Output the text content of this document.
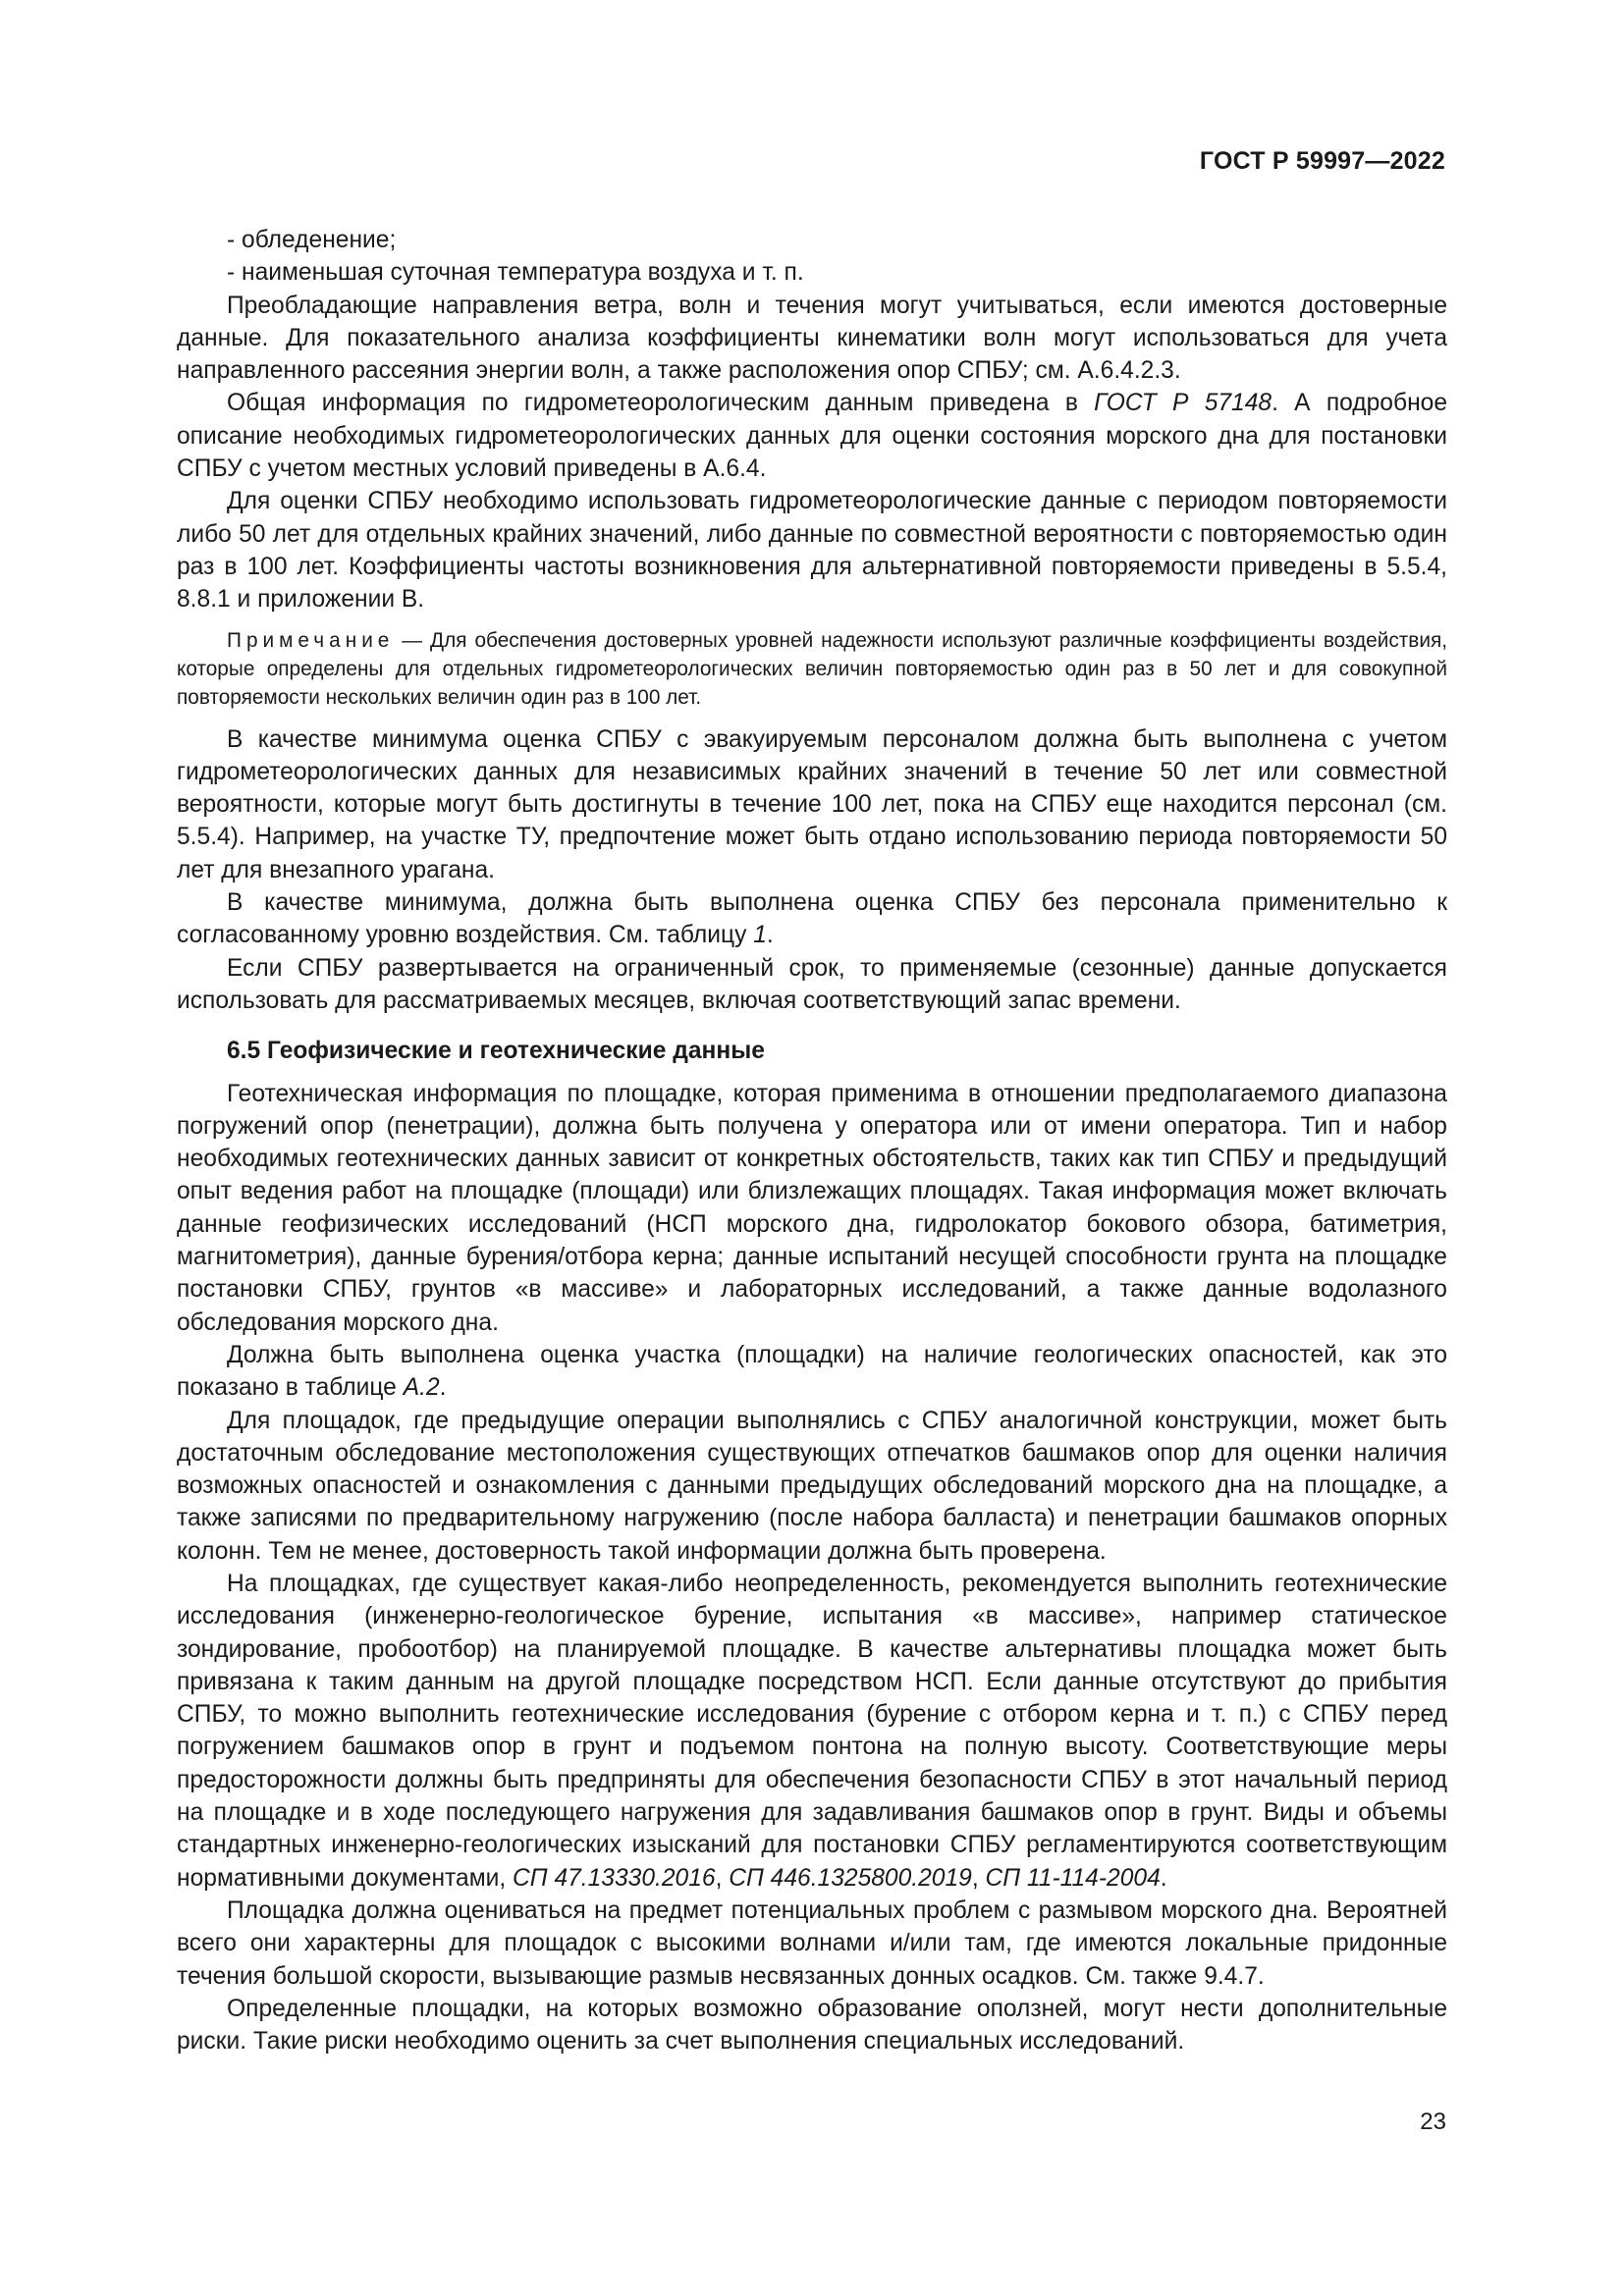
ГОСТ Р 59997—2022

- обледенение;

- наименьшая суточная температура воздуха и т. п.

Преобладающие направления ветра, волн и течения могут учитываться, если имеются достоверные данные. Для показательного анализа коэффициенты кинематики волн могут использоваться для учета направленного рассеяния энергии волн, а также расположения опор СПБУ; см. А.6.4.2.3.

Общая информация по гидрометеорологическим данным приведена в ГОСТ Р 57148. А подробное описание необходимых гидрометеорологических данных для оценки состояния морского дна для постановки СПБУ с учетом местных условий приведены в А.6.4.

Для оценки СПБУ необходимо использовать гидрометеорологические данные с периодом повторяемости либо 50 лет для отдельных крайних значений, либо данные по совместной вероятности с повторяемостью один раз в 100 лет. Коэффициенты частоты возникновения для альтернативной повторяемости приведены в 5.5.4, 8.8.1 и приложении В.

Примечание — Для обеспечения достоверных уровней надежности используют различные коэффициенты воздействия, которые определены для отдельных гидрометеорологических величин повторяемостью один раз в 50 лет и для совокупной повторяемости нескольких величин один раз в 100 лет.

В качестве минимума оценка СПБУ с эвакуируемым персоналом должна быть выполнена с учетом гидрометеорологических данных для независимых крайних значений в течение 50 лет или совместной вероятности, которые могут быть достигнуты в течение 100 лет, пока на СПБУ еще находится персонал (см. 5.5.4). Например, на участке ТУ, предпочтение может быть отдано использованию периода повторяемости 50 лет для внезапного урагана.

В качестве минимума, должна быть выполнена оценка СПБУ без персонала применительно к согласованному уровню воздействия. См. таблицу 1.

Если СПБУ развертывается на ограниченный срок, то применяемые (сезонные) данные допускается использовать для рассматриваемых месяцев, включая соответствующий запас времени.

6.5 Геофизические и геотехнические данные

Геотехническая информация по площадке, которая применима в отношении предполагаемого диапазона погружений опор (пенетрации), должна быть получена у оператора или от имени оператора. Тип и набор необходимых геотехнических данных зависит от конкретных обстоятельств, таких как тип СПБУ и предыдущий опыт ведения работ на площадке (площади) или близлежащих площадях. Такая информация может включать данные геофизических исследований (НСП морского дна, гидролокатор бокового обзора, батиметрия, магнитометрия), данные бурения/отбора керна; данные испытаний несущей способности грунта на площадке постановки СПБУ, грунтов «в массиве» и лабораторных исследований, а также данные водолазного обследования морского дна.

Должна быть выполнена оценка участка (площадки) на наличие геологических опасностей, как это показано в таблице А.2.

Для площадок, где предыдущие операции выполнялись с СПБУ аналогичной конструкции, может быть достаточным обследование местоположения существующих отпечатков башмаков опор для оценки наличия возможных опасностей и ознакомления с данными предыдущих обследований морского дна на площадке, а также записями по предварительному нагружению (после набора балласта) и пенетрации башмаков опорных колонн. Тем не менее, достоверность такой информации должна быть проверена.

На площадках, где существует какая-либо неопределенность, рекомендуется выполнить геотехнические исследования (инженерно-геологическое бурение, испытания «в массиве», например статическое зондирование, пробоотбор) на планируемой площадке. В качестве альтернативы площадка может быть привязана к таким данным на другой площадке посредством НСП. Если данные отсутствуют до прибытия СПБУ, то можно выполнить геотехнические исследования (бурение с отбором керна и т. п.) с СПБУ перед погружением башмаков опор в грунт и подъемом понтона на полную высоту. Соответствующие меры предосторожности должны быть предприняты для обеспечения безопасности СПБУ в этот начальный период на площадке и в ходе последующего нагружения для задавливания башмаков опор в грунт. Виды и объемы стандартных инженерно-геологических изысканий для постановки СПБУ регламентируются соответствующим нормативными документами, СП 47.13330.2016, СП 446.1325800.2019, СП 11-114-2004.

Площадка должна оцениваться на предмет потенциальных проблем с размывом морского дна. Вероятней всего они характерны для площадок с высокими волнами и/или там, где имеются локальные придонные течения большой скорости, вызывающие размыв несвязанных донных осадков. См. также 9.4.7.

Определенные площадки, на которых возможно образование оползней, могут нести дополнительные риски. Такие риски необходимо оценить за счет выполнения специальных исследований.

23
